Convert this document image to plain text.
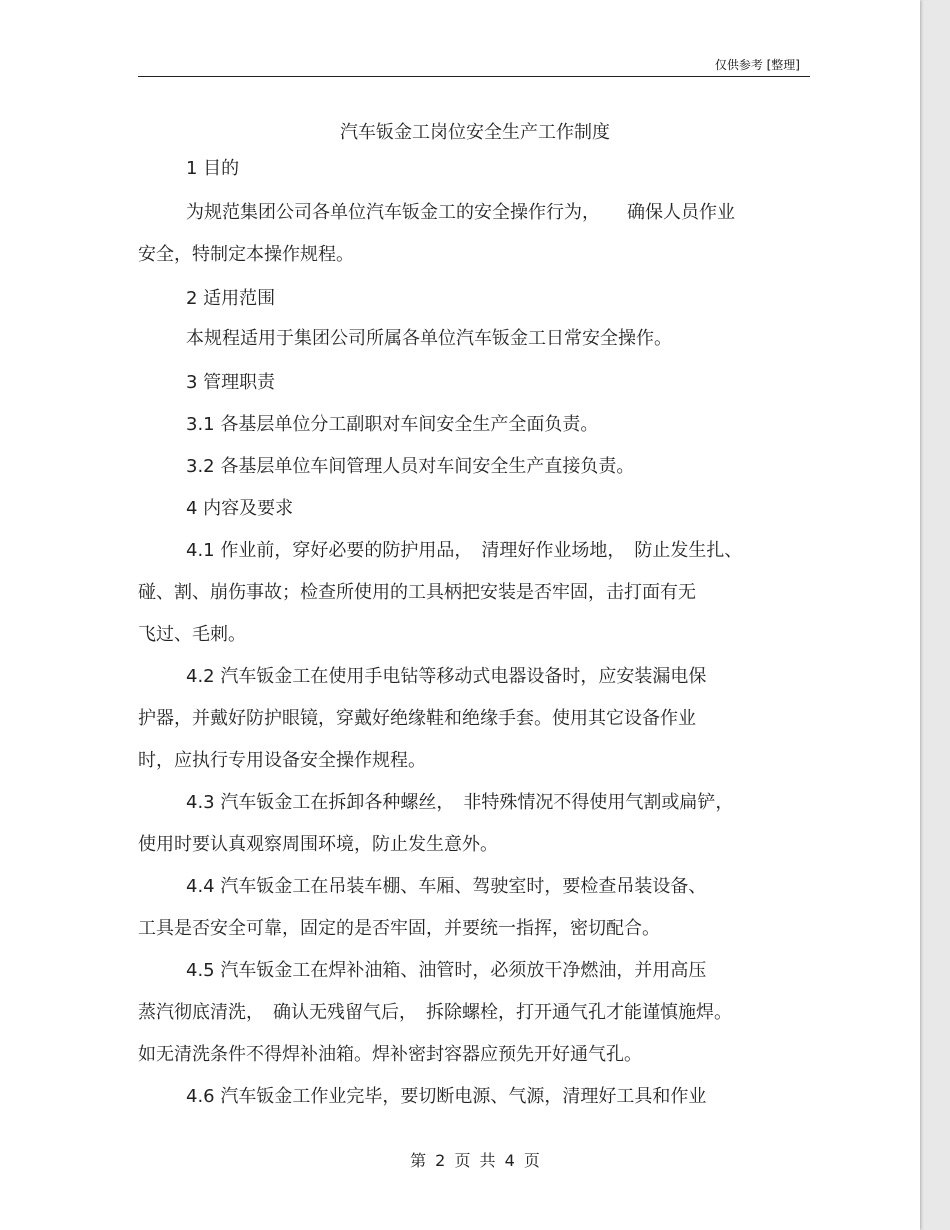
仅供参考 [整理]
汽车钣金工岗位安全生产工作制度
1 目的
为规范集团公司各单位汽车钣金工的安全操作行为，　　确保人员作业
安全，特制定本操作规程。
2 适用范围
本规程适用于集团公司所属各单位汽车钣金工日常安全操作。
3 管理职责
3.1 各基层单位分工副职对车间安全生产全面负责。
3.2 各基层单位车间管理人员对车间安全生产直接负责。
4 内容及要求
4.1 作业前，穿好必要的防护用品，　清理好作业场地，　防止发生扎、
碰、割、崩伤事故；检查所使用的工具柄把安装是否牢固，击打面有无
飞过、毛刺。
4.2 汽车钣金工在使用手电钻等移动式电器设备时，应安装漏电保
护器，并戴好防护眼镜，穿戴好绝缘鞋和绝缘手套。使用其它设备作业
时，应执行专用设备安全操作规程。
4.3 汽车钣金工在拆卸各种螺丝，　非特殊情况不得使用气割或扁铲，
使用时要认真观察周围环境，防止发生意外。
4.4 汽车钣金工在吊装车棚、车厢、驾驶室时，要检查吊装设备、
工具是否安全可靠，固定的是否牢固，并要统一指挥，密切配合。
4.5 汽车钣金工在焊补油箱、油管时，必须放干净燃油，并用高压
蒸汽彻底清洗，　确认无残留气后，　拆除螺栓，打开通气孔才能谨慎施焊。
如无清洗条件不得焊补油箱。焊补密封容器应预先开好通气孔。
4.6 汽车钣金工作业完毕，要切断电源、气源，清理好工具和作业
第 2 页 共 4 页
